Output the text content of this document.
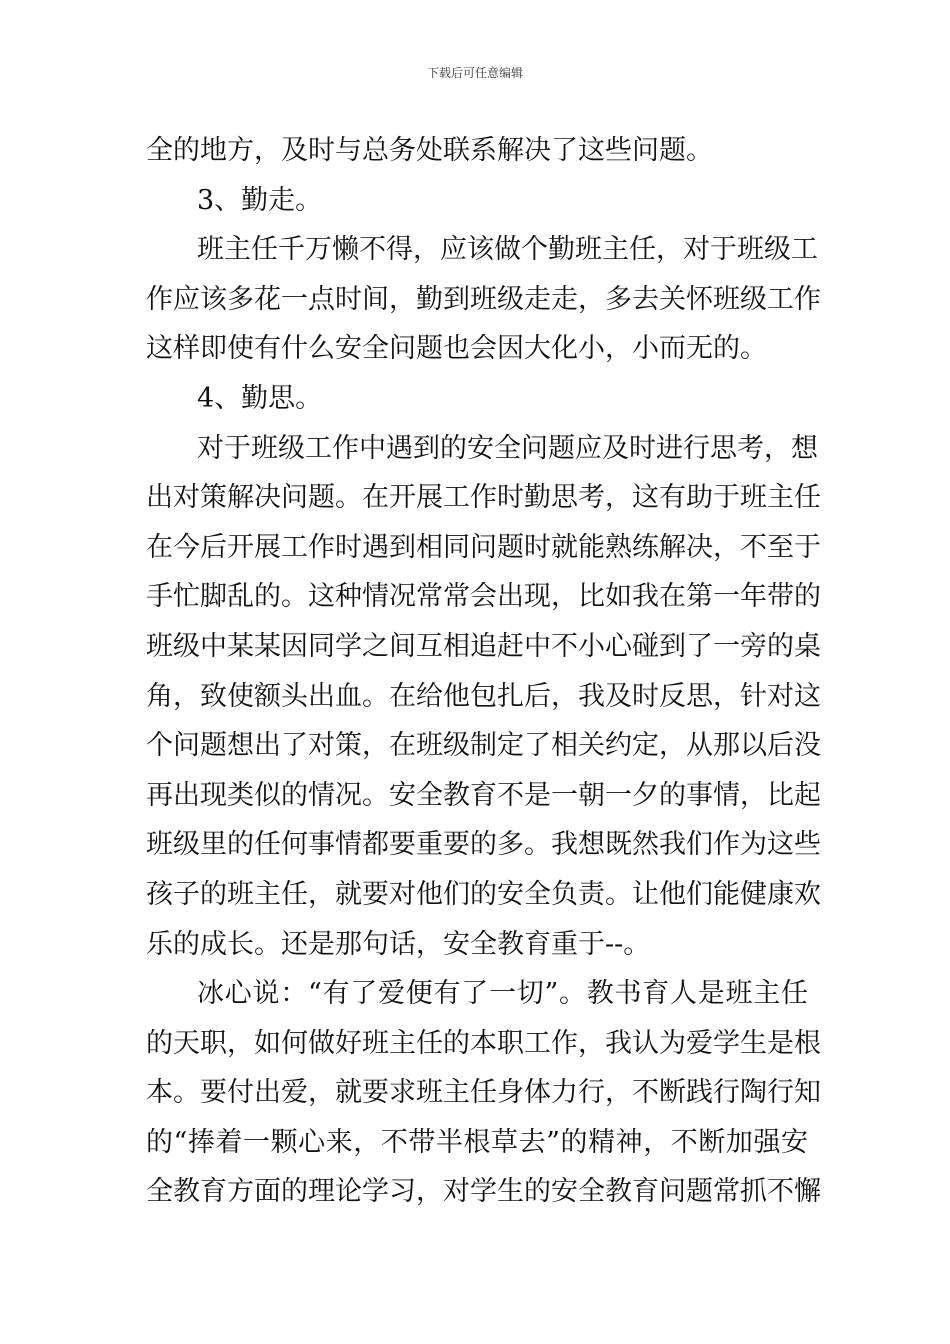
下载后可任意编辑
全的地方，及时与总务处联系解决了这些问题。
3、勤走。
班主任千万懒不得，应该做个勤班主任，对于班级工
作应该多花一点时间，勤到班级走走，多去关怀班级工作
这样即使有什么安全问题也会因大化小，小而无的。
4、勤思。
对于班级工作中遇到的安全问题应及时进行思考，想
出对策解决问题。在开展工作时勤思考，这有助于班主任
在今后开展工作时遇到相同问题时就能熟练解决，不至于
手忙脚乱的。这种情况常常会出现，比如我在第一年带的
班级中某某因同学之间互相追赶中不小心碰到了一旁的桌
角，致使额头出血。在给他包扎后，我及时反思，针对这
个问题想出了对策，在班级制定了相关约定，从那以后没
再出现类似的情况。安全教育不是一朝一夕的事情，比起
班级里的任何事情都要重要的多。我想既然我们作为这些
孩子的班主任，就要对他们的安全负责。让他们能健康欢
乐的成长。还是那句话，安全教育重于--。
冰心说：“有了爱便有了一切”。教书育人是班主任
的天职，如何做好班主任的本职工作，我认为爱学生是根
本。要付出爱，就要求班主任身体力行，不断践行陶行知
的“捧着一颗心来，不带半根草去”的精神，不断加强安
全教育方面的理论学习，对学生的安全教育问题常抓不懈
